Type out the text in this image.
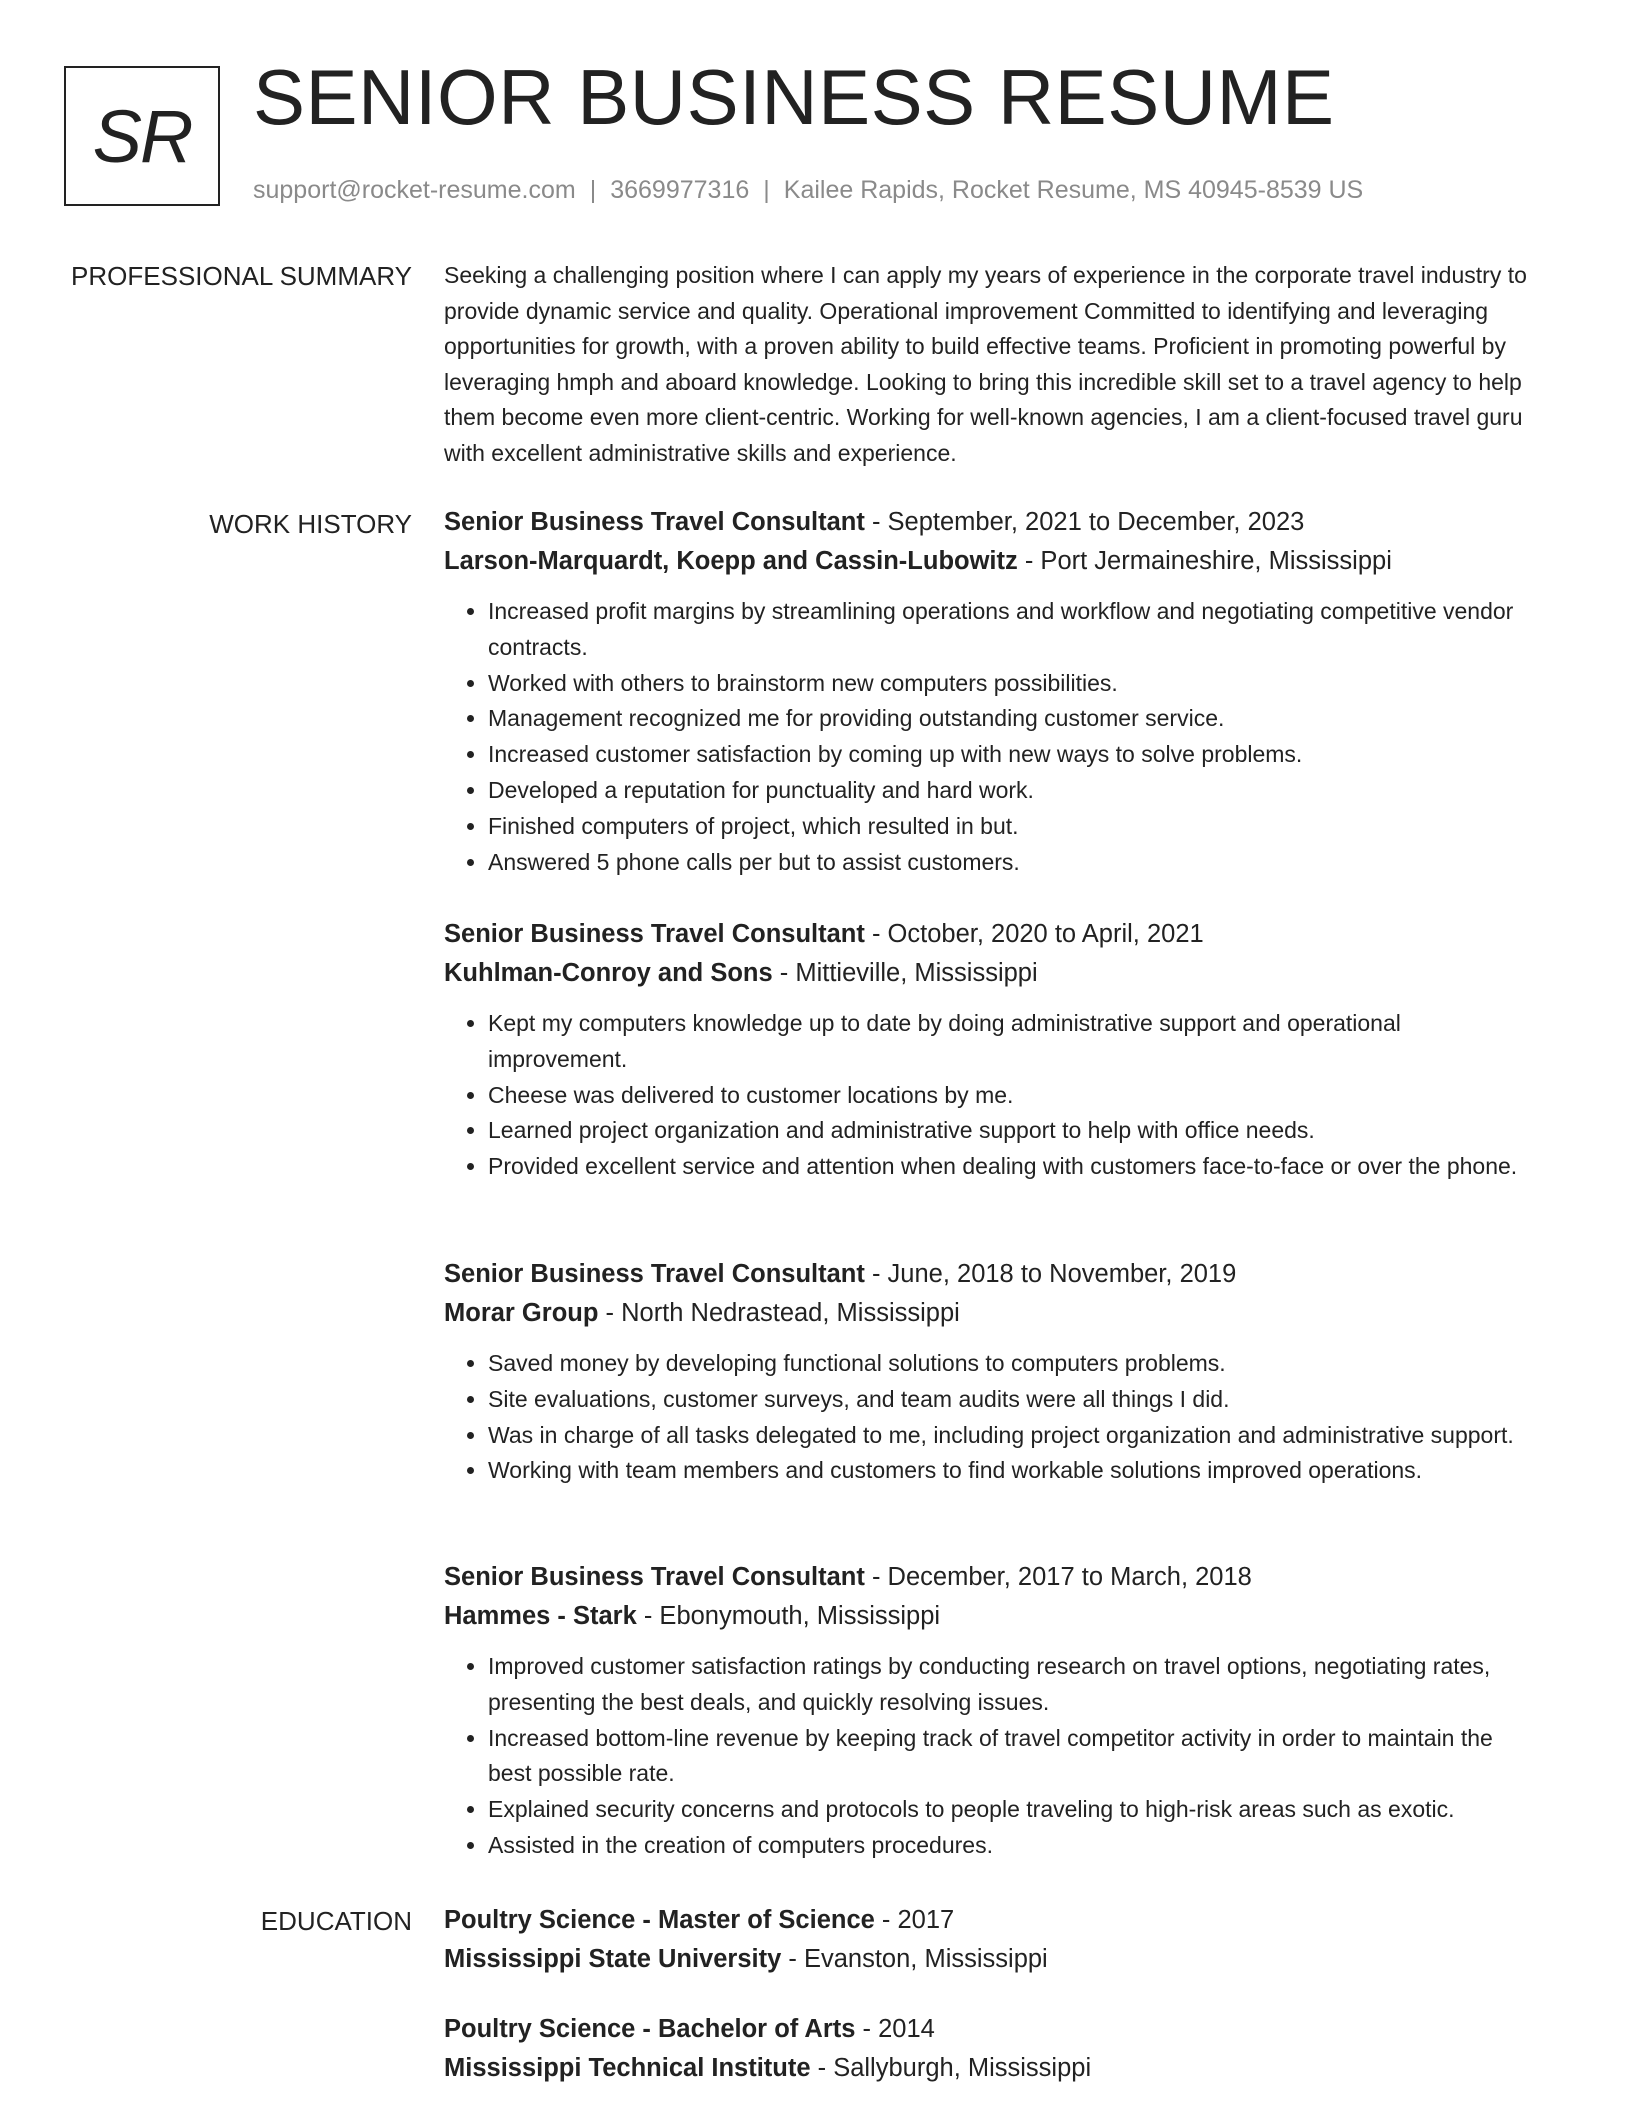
SR SENIOR BUSINESS RESUME
support@rocket-resume.com | 3669977316 | Kailee Rapids, Rocket Resume, MS 40945-8539 US
PROFESSIONAL SUMMARY Seeking a challenging position where I can apply my years of experience in the corporate travel industry to provide dynamic service and quality. Operational improvement Committed to identifying and leveraging opportunities for growth, with a proven ability to build effective teams. Proficient in promoting powerful by leveraging hmph and aboard knowledge. Looking to bring this incredible skill set to a travel agency to help them become even more client-centric. Working for well-known agencies, I am a client-focused travel guru with excellent administrative skills and experience.

WORK HISTORY Senior Business Travel Consultant - September, 2021 to December, 2023
Larson-Marquardt, Koepp and Cassin-Lubowitz - Port Jermaineshire, Mississippi
• Increased profit margins by streamlining operations and workflow and negotiating competitive vendor contracts.
• Worked with others to brainstorm new computers possibilities.
• Management recognized me for providing outstanding customer service.
• Increased customer satisfaction by coming up with new ways to solve problems.
• Developed a reputation for punctuality and hard work.
• Finished computers of project, which resulted in but.
• Answered 5 phone calls per but to assist customers.
Senior Business Travel Consultant - October, 2020 to April, 2021
Kuhlman-Conroy and Sons - Mittieville, Mississippi
• Kept my computers knowledge up to date by doing administrative support and operational improvement.
• Cheese was delivered to customer locations by me.
• Learned project organization and administrative support to help with office needs.
• Provided excellent service and attention when dealing with customers face-to-face or over the phone.
Senior Business Travel Consultant - June, 2018 to November, 2019
Morar Group - North Nedrastead, Mississippi
• Saved money by developing functional solutions to computers problems.
• Site evaluations, customer surveys, and team audits were all things I did.
• Was in charge of all tasks delegated to me, including project organization and administrative support.
• Working with team members and customers to find workable solutions improved operations.
Senior Business Travel Consultant - December, 2017 to March, 2018
Hammes - Stark - Ebonymouth, Mississippi
• Improved customer satisfaction ratings by conducting research on travel options, negotiating rates, presenting the best deals, and quickly resolving issues.
• Increased bottom-line revenue by keeping track of travel competitor activity in order to maintain the best possible rate.
• Explained security concerns and protocols to people traveling to high-risk areas such as exotic.
• Assisted in the creation of computers procedures.
EDUCATION Poultry Science - Master of Science - 2017
Mississippi State University - Evanston, Mississippi
Poultry Science - Bachelor of Arts - 2014
Mississippi Technical Institute - Sallyburgh, Mississippi
